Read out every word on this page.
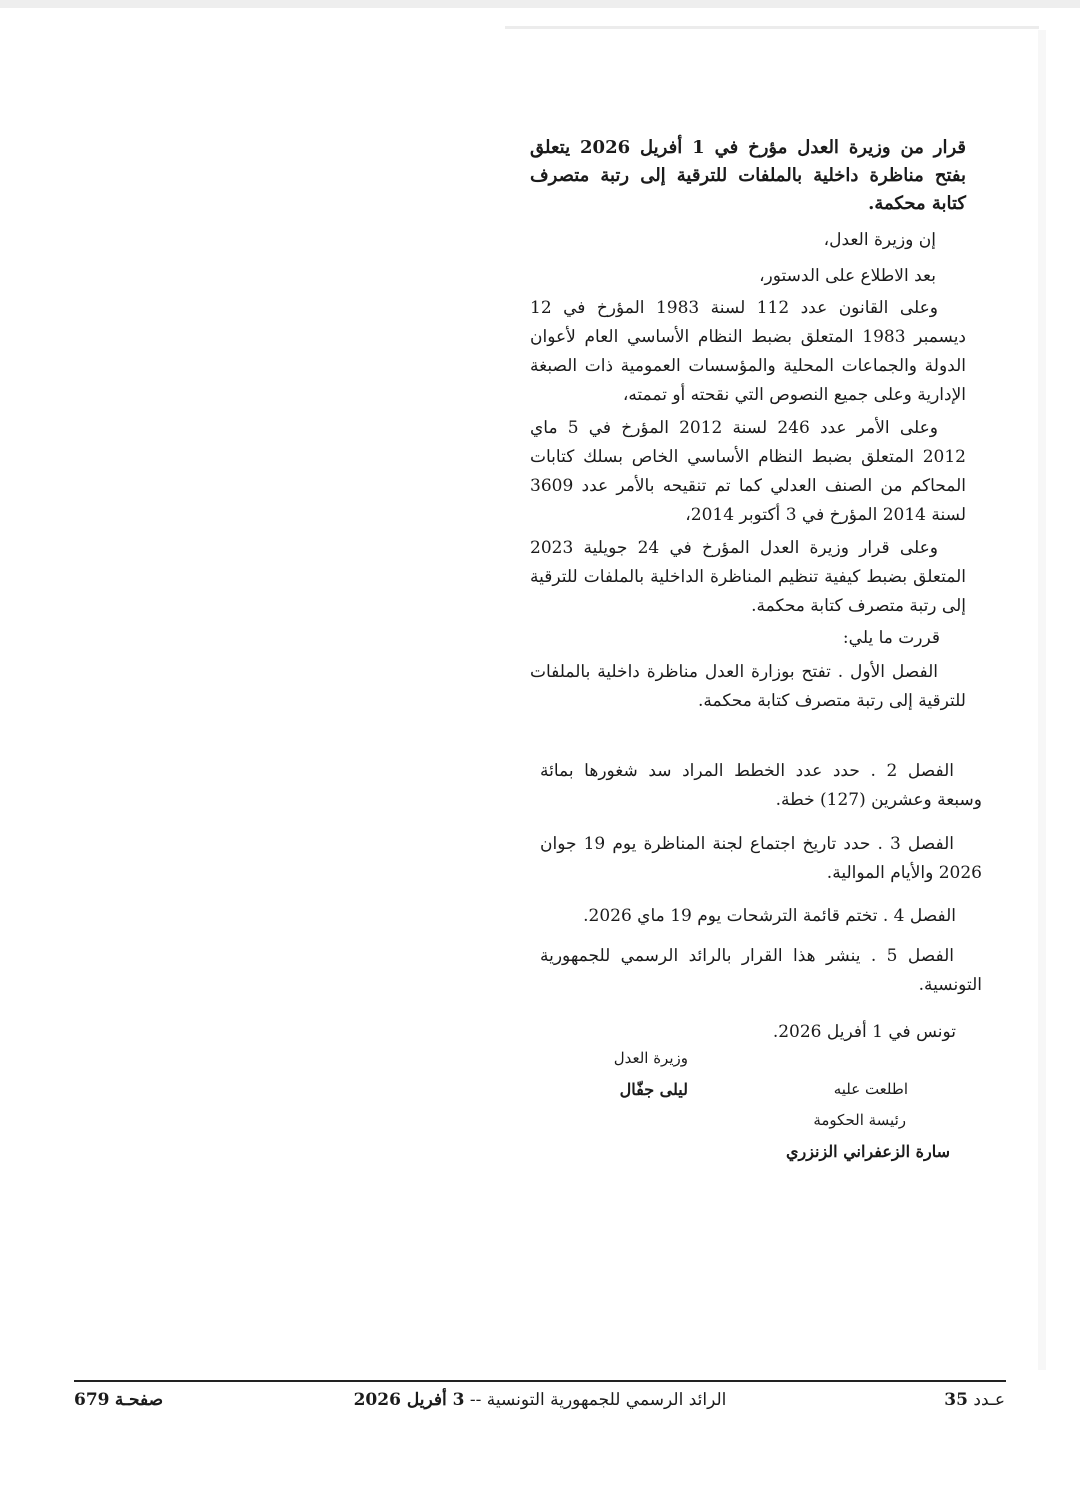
قرار من وزيرة العدل مؤرخ في 1 أفريل 2026 يتعلق بفتح مناظرة داخلية بالملفات للترقية إلى رتبة متصرف كتابة محكمة.

إن وزيرة العدل،

بعد الاطلاع على الدستور،

وعلى القانون عدد 112 لسنة 1983 المؤرخ في 12 ديسمبر 1983 المتعلق بضبط النظام الأساسي العام لأعوان الدولة والجماعات المحلية والمؤسسات العمومية ذات الصبغة الإدارية وعلى جميع النصوص التي نقحته أو تممته،

وعلى الأمر عدد 246 لسنة 2012 المؤرخ في 5 ماي 2012 المتعلق بضبط النظام الأساسي الخاص بسلك كتابات المحاكم من الصنف العدلي كما تم تنقيحه بالأمر عدد 3609 لسنة 2014 المؤرخ في 3 أكتوبر 2014،

وعلى قرار وزيرة العدل المؤرخ في 24 جويلية 2023 المتعلق بضبط كيفية تنظيم المناظرة الداخلية بالملفات للترقية إلى رتبة متصرف كتابة محكمة.

قررت ما يلي:

الفصل الأول . تفتح بوزارة العدل مناظرة داخلية بالملفات للترقية إلى رتبة متصرف كتابة محكمة.

الفصل 2 . حدد عدد الخطط المراد سد شغورها بمائة وسبعة وعشرين (127) خطة.

الفصل 3 . حدد تاريخ اجتماع لجنة المناظرة يوم 19 جوان 2026 والأيام الموالية.

الفصل 4 . تختم قائمة الترشحات يوم 19 ماي 2026.

الفصل 5 . ينشر هذا القرار بالرائد الرسمي للجمهورية التونسية.

تونس في 1 أفريل 2026.

وزيرة العدل

ليلى جفّال	اطلعت عليه

رئيسة الحكومة

سارة الزعفراني الزنزري

عـدد 35
الرائد الرسمي للجمهورية التونسية -- 3 أفريل 2026
صفحـة 679
